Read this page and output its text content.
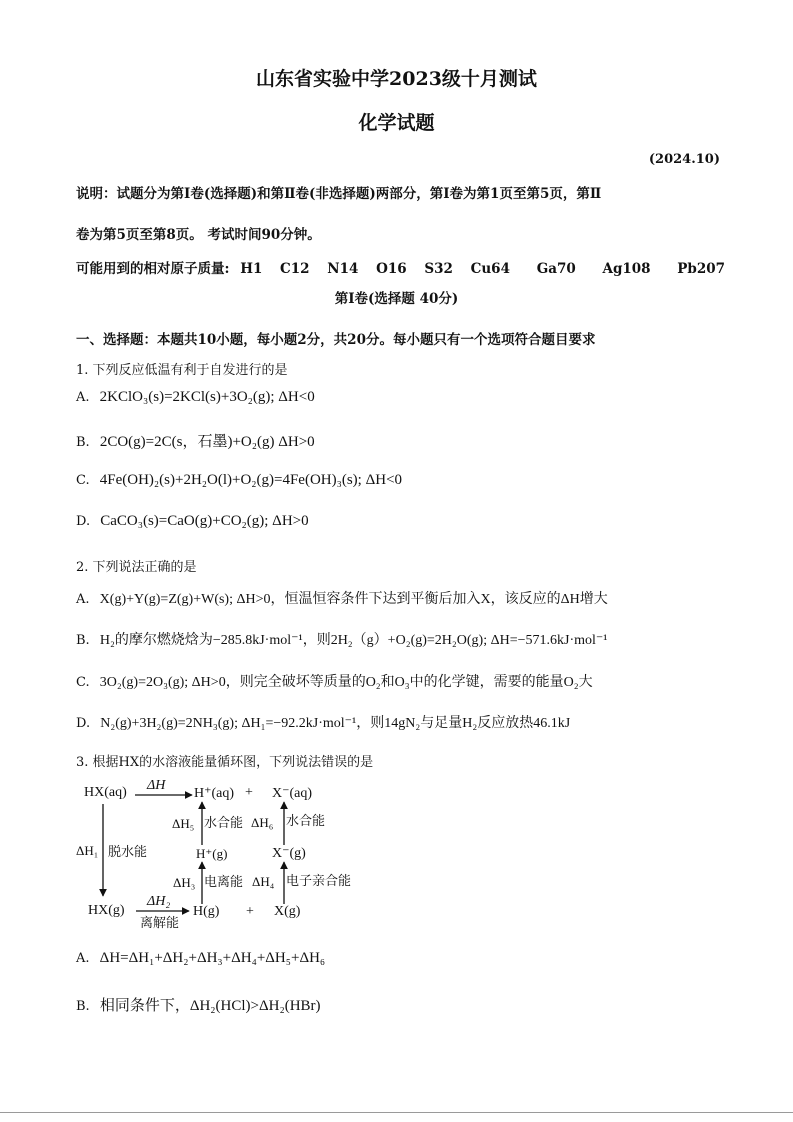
山东省实验中学2023级十月测试
化学试题
(2024.10)
说明：试题分为第Ⅰ卷(选择题)和第Ⅱ卷(非选择题)两部分，第Ⅰ卷为第1页至第5页，第Ⅱ
卷为第5页至第8页。 考试时间90分钟。
可能用到的相对原子质量: H1 C12 N14 O16 S32 Cu64 Ga70 Ag108 Pb207
第Ⅰ卷(选择题 40分)
一、选择题：本题共10小题，每小题2分，共20分。每小题只有一个选项符合题目要求
1. 下列反应低温有利于自发进行的是
A. 2KClO₃(s)=2KCl(s)+3O₂(g); ΔH<0
B. 2CO(g)=2C(s，石墨)+O₂(g) ΔH>0
C. 4Fe(OH)₂(s)+2H₂O(l)+O₂(g)=4Fe(OH)₃(s); ΔH<0
D. CaCO₃(s)=CaO(g)+CO₂(g); ΔH>0
2. 下列说法正确的是
A. X(g)+Y(g)=Z(g)+W(s); ΔH>0，恒温恒容条件下达到平衡后加入X，该反应的ΔH增大
B. H₂的摩尔燃烧焓为−285.8kJ·mol⁻¹，则2H₂（g）+O₂(g)=2H₂O(g); ΔH=−571.6kJ·mol⁻¹
C. 3O₂(g)=2O₃(g); ΔH>0，则完全破坏等质量的O₂和O₃中的化学键，需要的能量O₂大
D. N₂(g)+3H₂(g)=2NH₃(g); ΔH₁=−92.2kJ·mol⁻¹，则14gN₂与足量H₂反应放热46.1kJ
3. 根据HX的水溶液能量循环图，下列说法错误的是
HX(aq) ΔH
H⁺(aq) + X⁻(aq)
ΔH₅ 水合能 ΔH₆ 水合能
ΔH₁ 脱水能	H⁺(g)	X⁻(g)
ΔH₃ 电离能 ΔH₄ 电子亲合能
HX(g)
ΔH₂
离解能
H(g) + X(g)
A. ΔH=ΔH₁+ΔH₂+ΔH₃+ΔH₄+ΔH₅+ΔH₆
B. 相同条件下，ΔH₂(HCl)>ΔH₂(HBr)
